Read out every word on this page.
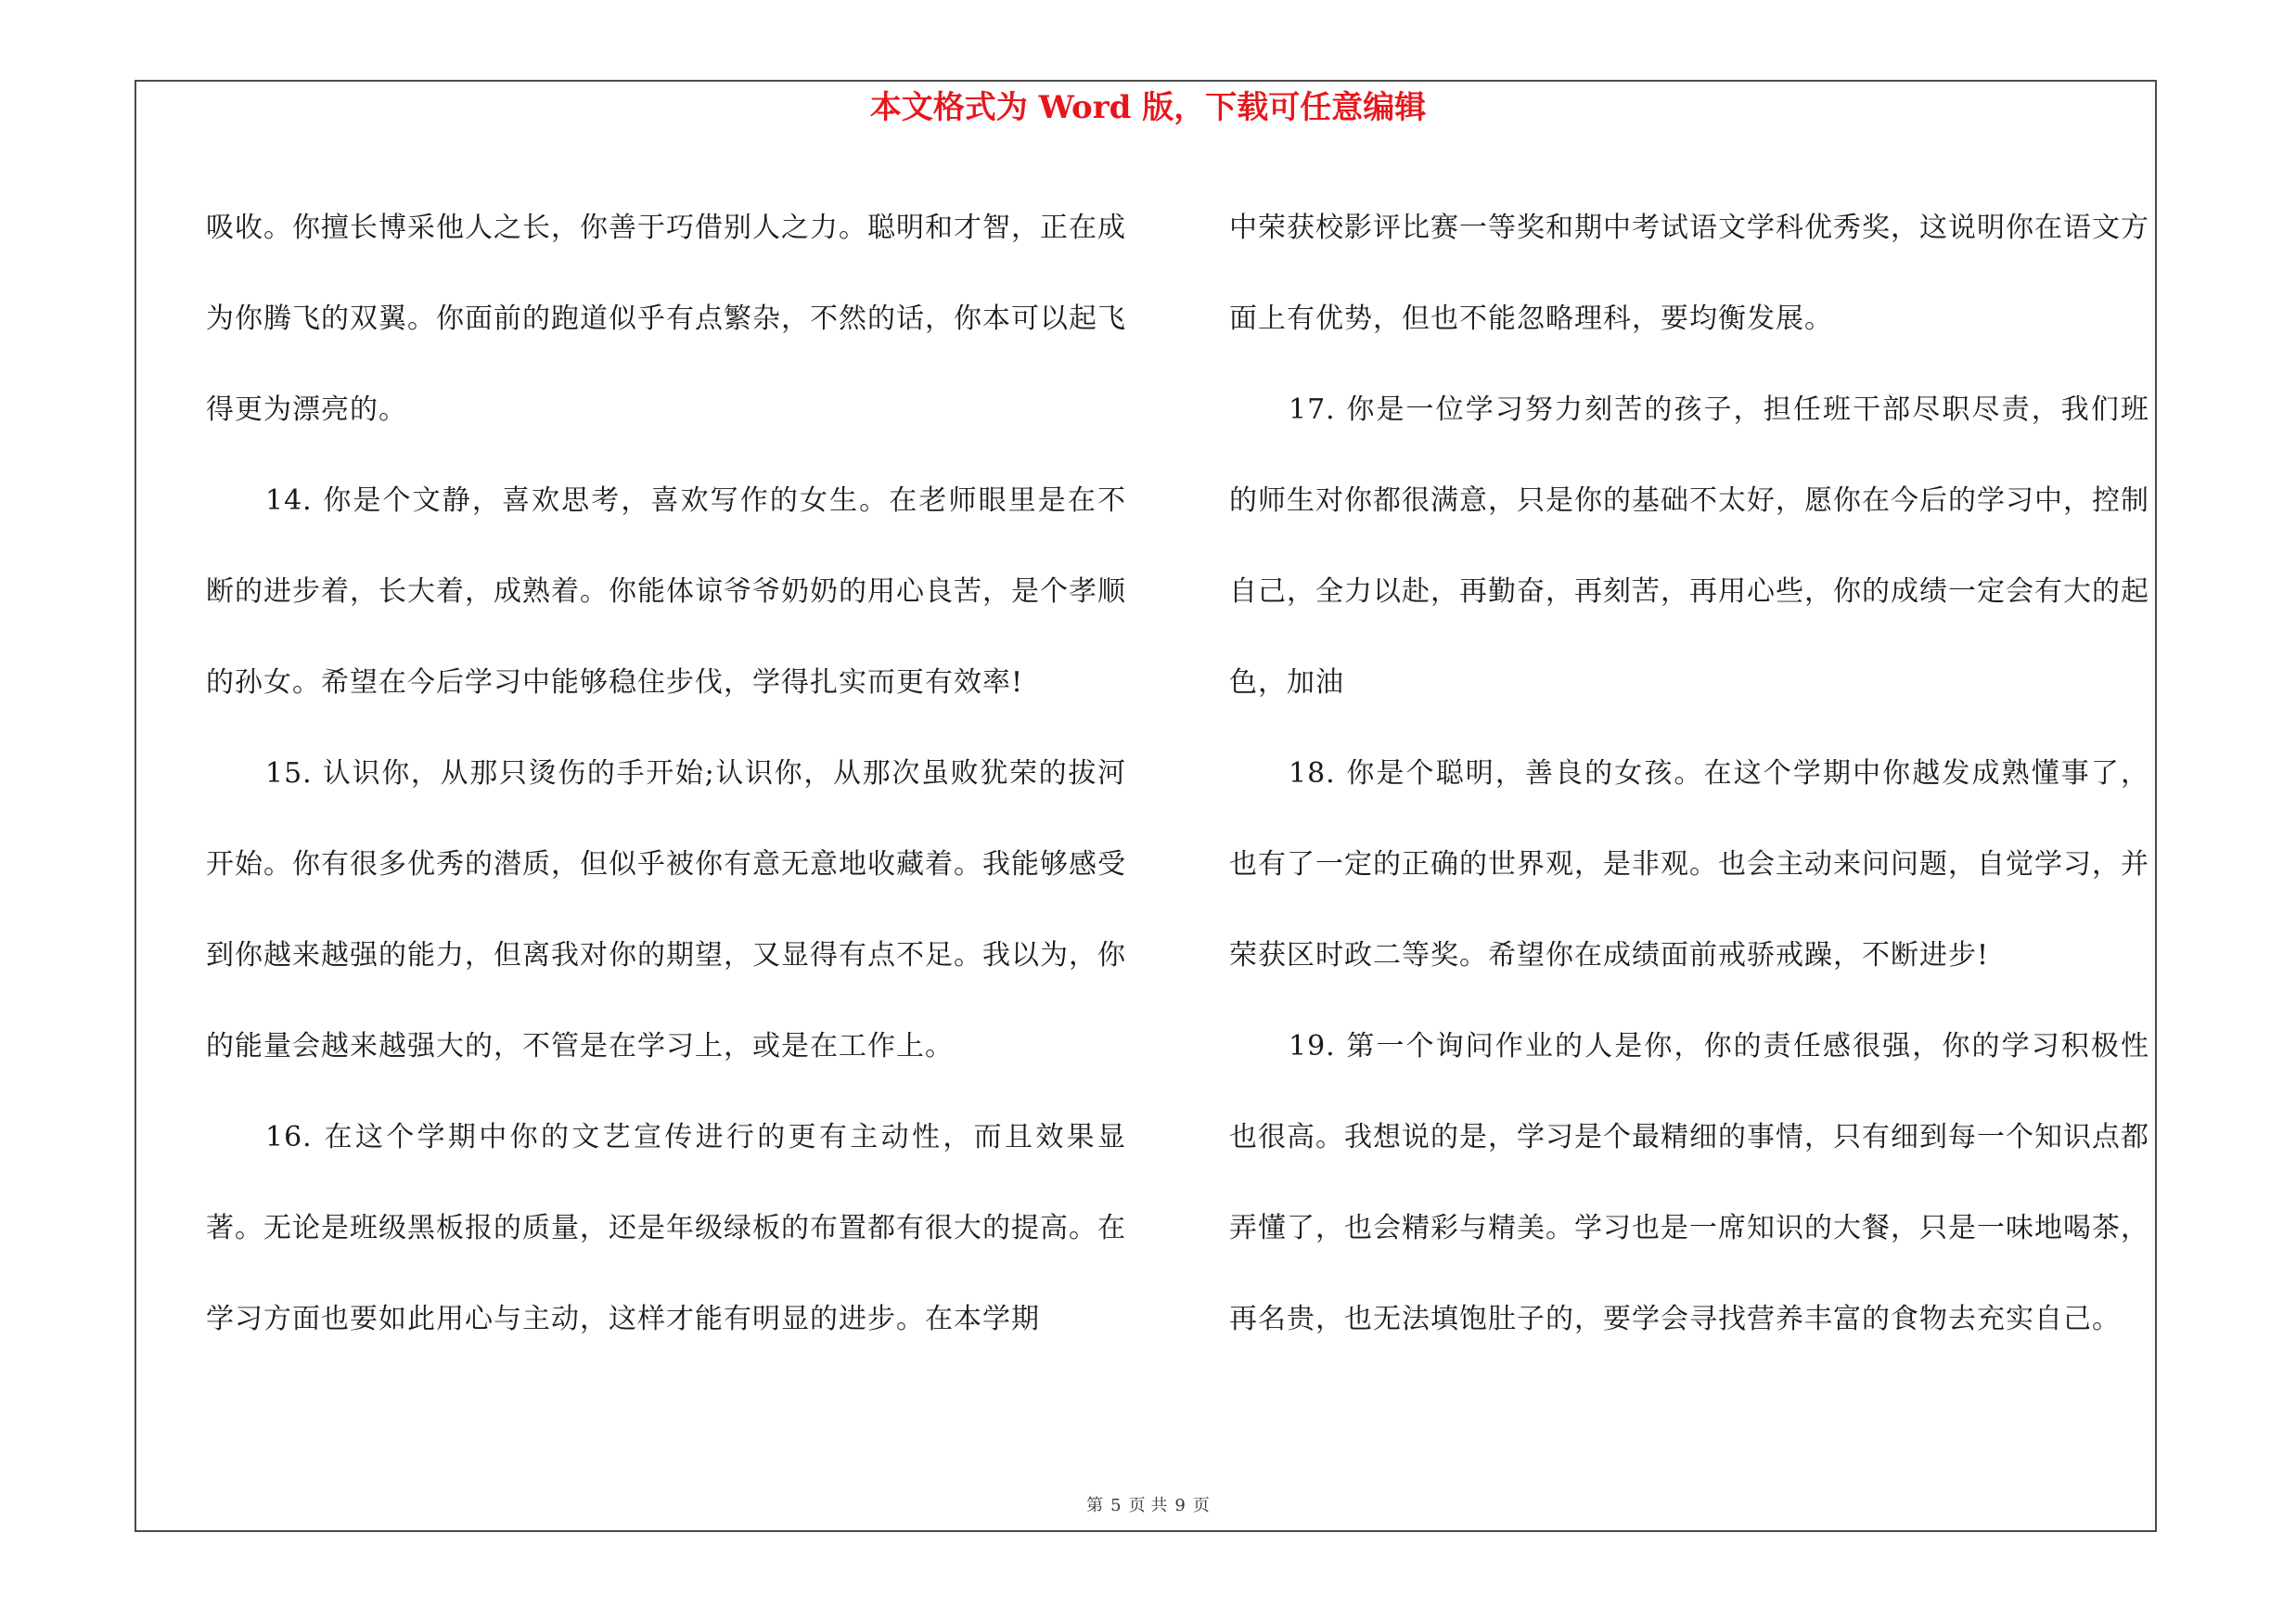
本文格式为 Word 版，下载可任意编辑

吸收。你擅长博采他人之长，你善于巧借别人之力。聪明和才智，正在成为你腾飞的双翼。你面前的跑道似乎有点繁杂，不然的话，你本可以起飞得更为漂亮的。

14. 你是个文静，喜欢思考，喜欢写作的女生。在老师眼里是在不断的进步着，长大着，成熟着。你能体谅爷爷奶奶的用心良苦，是个孝顺的孙女。希望在今后学习中能够稳住步伐，学得扎实而更有效率!

15. 认识你，从那只烫伤的手开始;认识你，从那次虽败犹荣的拔河开始。你有很多优秀的潜质，但似乎被你有意无意地收藏着。我能够感受到你越来越强的能力，但离我对你的期望，又显得有点不足。我以为，你的能量会越来越强大的，不管是在学习上，或是在工作上。

16. 在这个学期中你的文艺宣传进行的更有主动性，而且效果显著。无论是班级黑板报的质量，还是年级绿板的布置都有很大的提高。在学习方面也要如此用心与主动，这样才能有明显的进步。在本学期

中荣获校影评比赛一等奖和期中考试语文学科优秀奖，这说明你在语文方面上有优势，但也不能忽略理科，要均衡发展。

17. 你是一位学习努力刻苦的孩子，担任班干部尽职尽责，我们班的师生对你都很满意，只是你的基础不太好，愿你在今后的学习中，控制自己，全力以赴，再勤奋，再刻苦，再用心些，你的成绩一定会有大的起色，加油

18. 你是个聪明，善良的女孩。在这个学期中你越发成熟懂事了，也有了一定的正确的世界观，是非观。也会主动来问问题，自觉学习，并荣获区时政二等奖。希望你在成绩面前戒骄戒躁，不断进步!

19. 第一个询问作业的人是你，你的责任感很强，你的学习积极性也很高。我想说的是，学习是个最精细的事情，只有细到每一个知识点都弄懂了，也会精彩与精美。学习也是一席知识的大餐，只是一味地喝茶，再名贵，也无法填饱肚子的，要学会寻找营养丰富的食物去充实自己。

第 5 页 共 9 页
